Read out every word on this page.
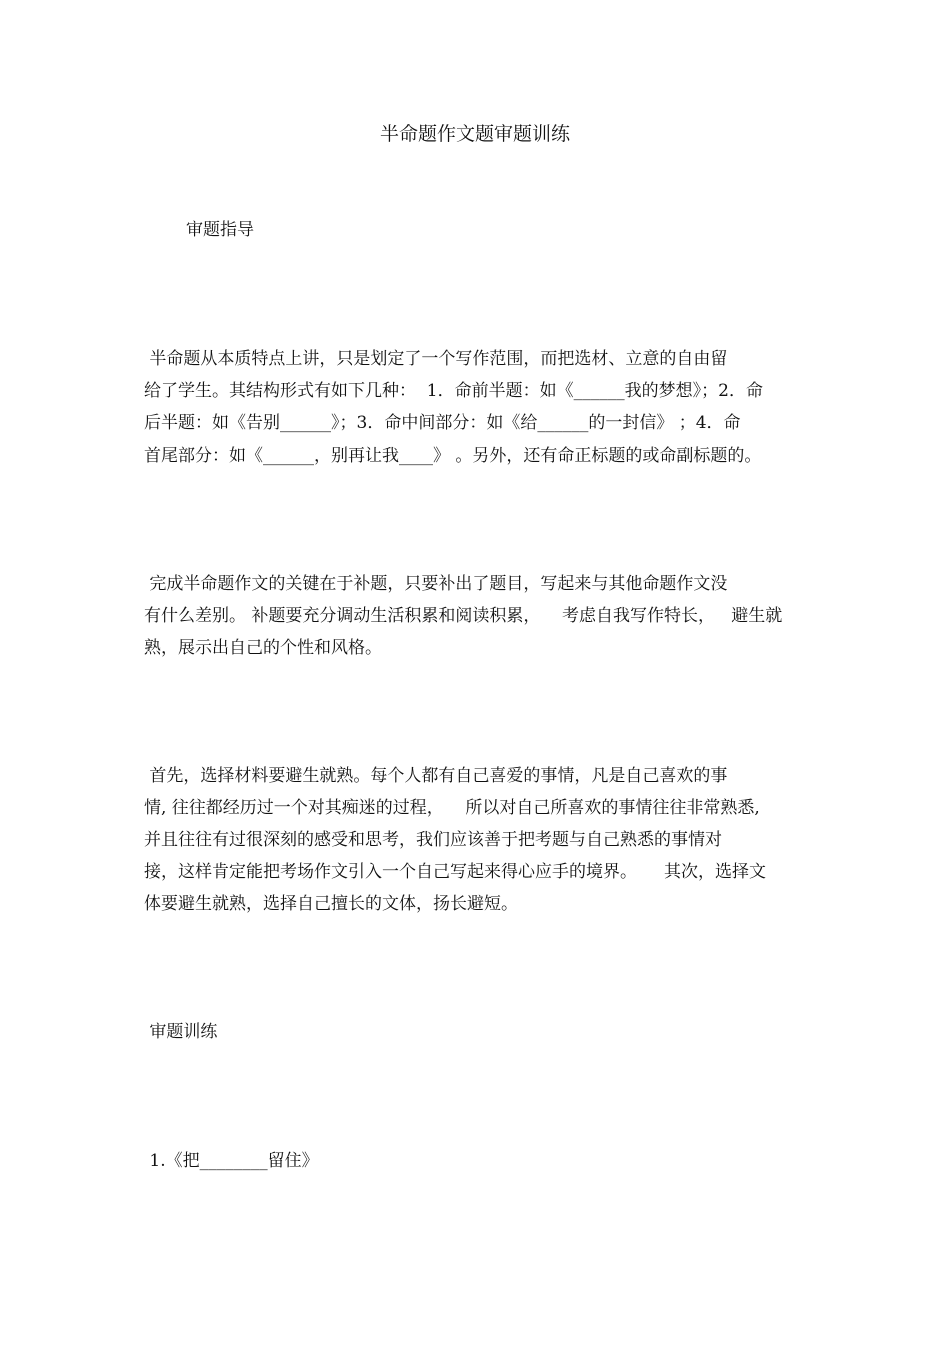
半命题作文题审题训练
审题指导
半命题从本质特点上讲，只是划定了一个写作范围，而把选材、立意的自由留
给了学生。其结构形式有如下几种：  1．命前半题：如《______我的梦想》；2．命
后半题：如《告别______》；3．命中间部分：如《给______的一封信》 ；4．命
首尾部分：如《______，别再让我____》 。另外，还有命正标题的或命副标题的。
完成半命题作文的关键在于补题，只要补出了题目，写起来与其他命题作文没
有什么差别。 补题要充分调动生活积累和阅读积累，    考虑自我写作特长，   避生就
熟，展示出自己的个性和风格。
首先，选择材料要避生就熟。每个人都有自己喜爱的事情，凡是自己喜欢的事
情, 往往都经历过一个对其痴迷的过程，    所以对自己所喜欢的事情往往非常熟悉,
并且往往有过很深刻的感受和思考，我们应该善于把考题与自己熟悉的事情对
接，这样肯定能把考场作文引入一个自己写起来得心应手的境界。     其次，选择文
体要避生就熟，选择自己擅长的文体，扬长避短。
审题训练
1.《把________留住》
